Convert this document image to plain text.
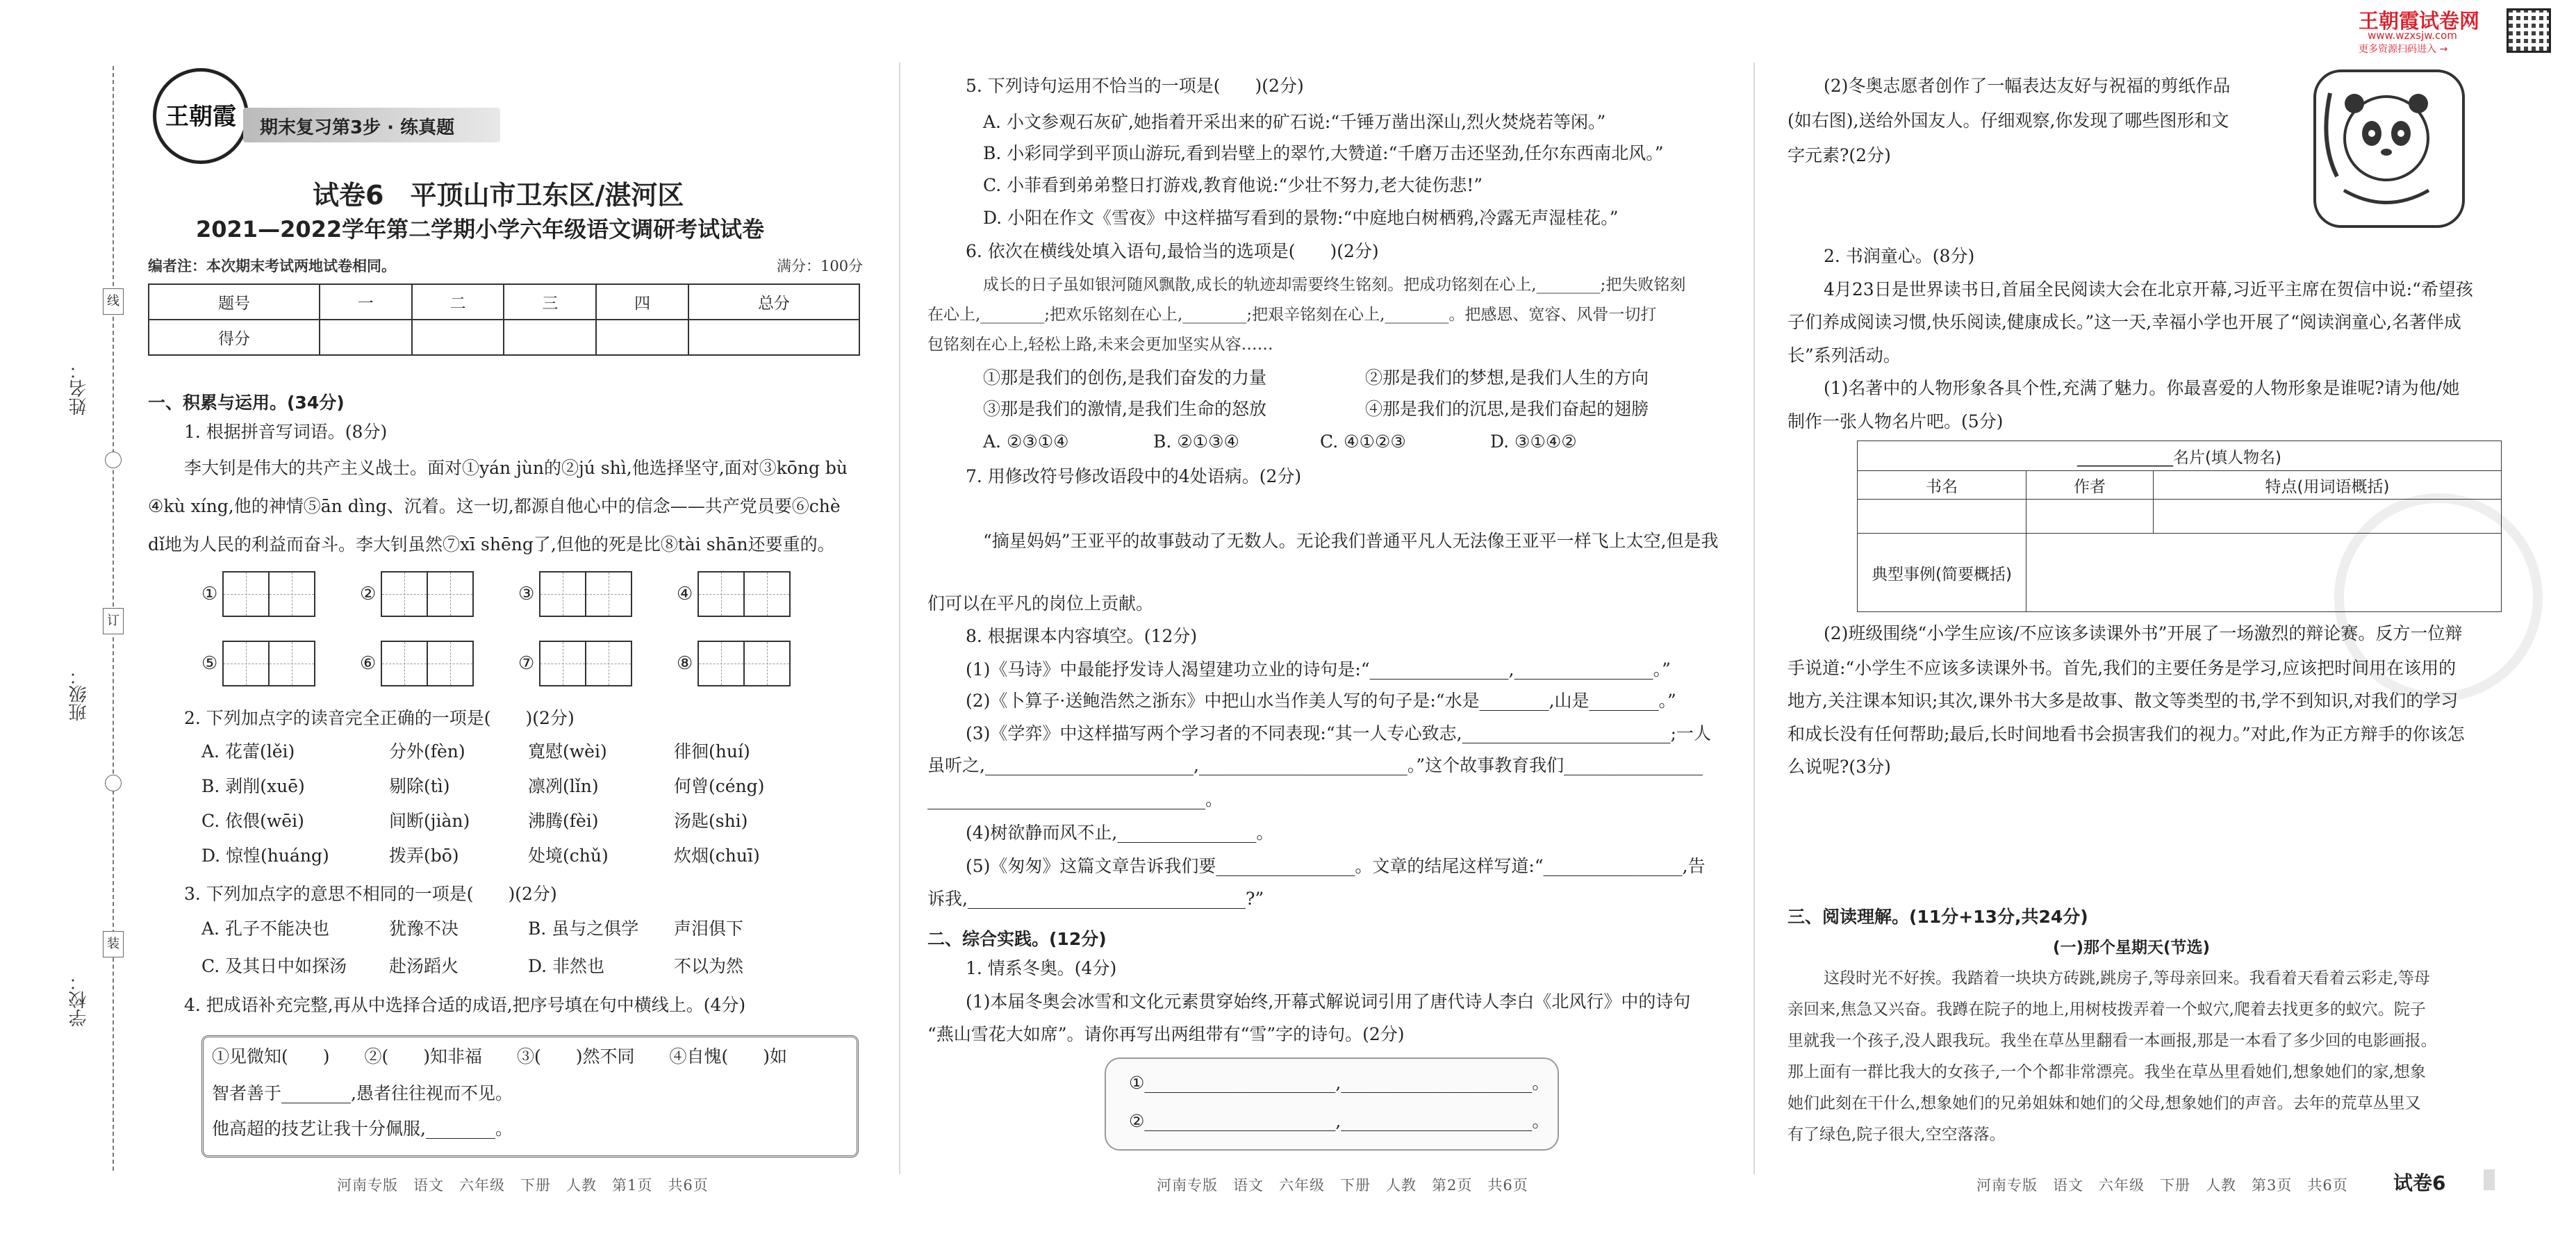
姓名：
班级：
学校：
线
订
装
王朝霞 期末复习第3步 · 练真题
试卷6　平顶山市卫东区/湛河区
2021—2022学年第二学期小学六年级语文调研考试试卷
编者注：本次期末考试两地试卷相同。	满分：100分
题号	一	二	三	四	总分
得分					
一、积累与运用。(34分)
1. 根据拼音写词语。(8分)
李大钊是伟大的共产主义战士。面对①yán jùn的②jú shì,他选择坚守,面对③kōng bù
④kù xíng,他的神情⑤ān dìng、沉着。这一切,都源自他心中的信念——共产党员要⑥chè
dǐ地为人民的利益而奋斗。李大钊虽然⑦xī shēng了,但他的死是比⑧tài shān还要重的。
①	②	③	④
⑤	⑥	⑦	⑧
2. 下列加点字的读音完全正确的一项是(　　)(2分)
A. 花蕾(lěi)	分外(fèn)	寛慰(wèi)	徘徊(huí)
B. 剥削(xuē)	剔除(tì)	凛冽(lǐn)	何曾(céng)
C. 依偎(wēi)	间断(jiàn)	沸腾(fèi)	汤匙(shi)
D. 惊惶(huáng)	拨弄(bō)	处境(chǔ)	炊烟(chuī)
3. 下列加点字的意思不相同的一项是(　　)(2分)
A. 孔子不能决也	犹豫不决	B. 虽与之俱学 声泪俱下
C. 及其日中如探汤 赴汤蹈火	D. 非然也	不以为然
4. 把成语补充完整,再从中选择合适的成语,把序号填在句中横线上。(4分)
①见微知(　　)　　②(　　)知非福　　③(　　)然不同　　④自愧(　　)如
智者善于________,愚者往往视而不见。
他高超的技艺让我十分佩服,________。
河南专版　语文　六年级　下册　人教　第1页　共6页
5. 下列诗句运用不恰当的一项是(　　)(2分)
A. 小文参观石灰矿,她指着开采出来的矿石说:“千锤万凿出深山,烈火焚烧若等闲。”
B. 小彩同学到平顶山游玩,看到岩壁上的翠竹,大赞道:“千磨万击还坚劲,任尔东西南北风。”
C. 小菲看到弟弟整日打游戏,教育他说:“少壮不努力,老大徒伤悲!”
D. 小阳在作文《雪夜》中这样描写看到的景物:“中庭地白树栖鸦,冷露无声湿桂花。”
6. 依次在横线处填入语句,最恰当的选项是(　　)(2分)
成长的日子虽如银河随风飘散,成长的轨迹却需要终生铭刻。把成功铭刻在心上,________;把失败铭刻
在心上,________;把欢乐铭刻在心上,________;把艰辛铭刻在心上,________。把感恩、宽容、风骨一切打
包铭刻在心上,轻松上路,未来会更加坚实从容……
①那是我们的创伤,是我们奋发的力量	②那是我们的梦想,是我们人生的方向
③那是我们的激情,是我们生命的怒放	④那是我们的沉思,是我们奋起的翅膀
A. ②③①④	B. ②①③④	C. ④①②③	D. ③①④②
7. 用修改符号修改语段中的4处语病。(2分)
“摘星妈妈”王亚平的故事鼓动了无数人。无论我们普通平凡人无法像王亚平一样飞上太空,但是我
们可以在平凡的岗位上贡献。
8. 根据课本内容填空。(12分)
(1)《马诗》中最能抒发诗人渴望建功立业的诗句是:“________________,________________。”
(2)《卜算子·送鲍浩然之浙东》中把山水当作美人写的句子是:“水是________,山是________。”
(3)《学弈》中这样描写两个学习者的不同表现:“其一人专心致志,________________________;一人
虽听之,________________________,________________________。”这个故事教育我们________________
________________________________。
(4)树欲静而风不止,________________。
(5)《匆匆》这篇文章告诉我们要________________。文章的结尾这样写道:“________________,告
诉我,________________________________?”
二、综合实践。(12分)
1. 情系冬奥。(4分)
(1)本届冬奥会冰雪和文化元素贯穿始终,开幕式解说词引用了唐代诗人李白《北风行》中的诗句
“燕山雪花大如席”。请你再写出两组带有“雪”字的诗句。(2分)
①______________________,______________________。
②______________________,______________________。
河南专版　语文　六年级　下册　人教　第2页　共6页
王朝霞试卷网
www.wzxsjw.com
更多资源扫码进入 →
(2)冬奥志愿者创作了一幅表达友好与祝福的剪纸作品
(如右图),送给外国友人。仔细观察,你发现了哪些图形和文
字元素?(2分)
2. 书润童心。(8分)
4月23日是世界读书日,首届全民阅读大会在北京开幕,习近平主席在贺信中说:“希望孩
子们养成阅读习惯,快乐阅读,健康成长。”这一天,幸福小学也开展了“阅读润童心,名著伴成
长”系列活动。
(1)名著中的人物形象各具个性,充满了魅力。你最喜爱的人物形象是谁呢?请为他/她
制作一张人物名片吧。(5分)
(2)班级围绕“小学生应该/不应该多读课外书”开展了一场激烈的辩论赛。反方一位辩
手说道:“小学生不应该多读课外书。首先,我们的主要任务是学习,应该把时间用在该用的
地方,关注课本知识;其次,课外书大多是故事、散文等类型的书,学不到知识,对我们的学习
和成长没有任何帮助;最后,长时间地看书会损害我们的视力。”对此,作为正方辩手的你该怎
么说呢?(3分)
三、阅读理解。(11分+13分,共24分)
(一)那个星期天(节选)
这段时光不好挨。我踏着一块块方砖跳,跳房子,等母亲回来。我看着天看着云彩走,等母
亲回来,焦急又兴奋。我蹲在院子的地上,用树枝拨弄着一个蚁穴,爬着去找更多的蚁穴。院子
里就我一个孩子,没人跟我玩。我坐在草丛里翻看一本画报,那是一本看了多少回的电影画报。
那上面有一群比我大的女孩子,一个个都非常漂亮。我坐在草丛里看她们,想象她们的家,想象
她们此刻在干什么,想象她们的兄弟姐妹和她们的父母,想象她们的声音。去年的荒草丛里又
有了绿色,院子很大,空空落落。
河南专版　语文　六年级　下册　人教　第3页　共6页 试卷6
____________名片(填人物名)		
书名	作者	特点(用词语概括)

典型事例(简要概括)		
